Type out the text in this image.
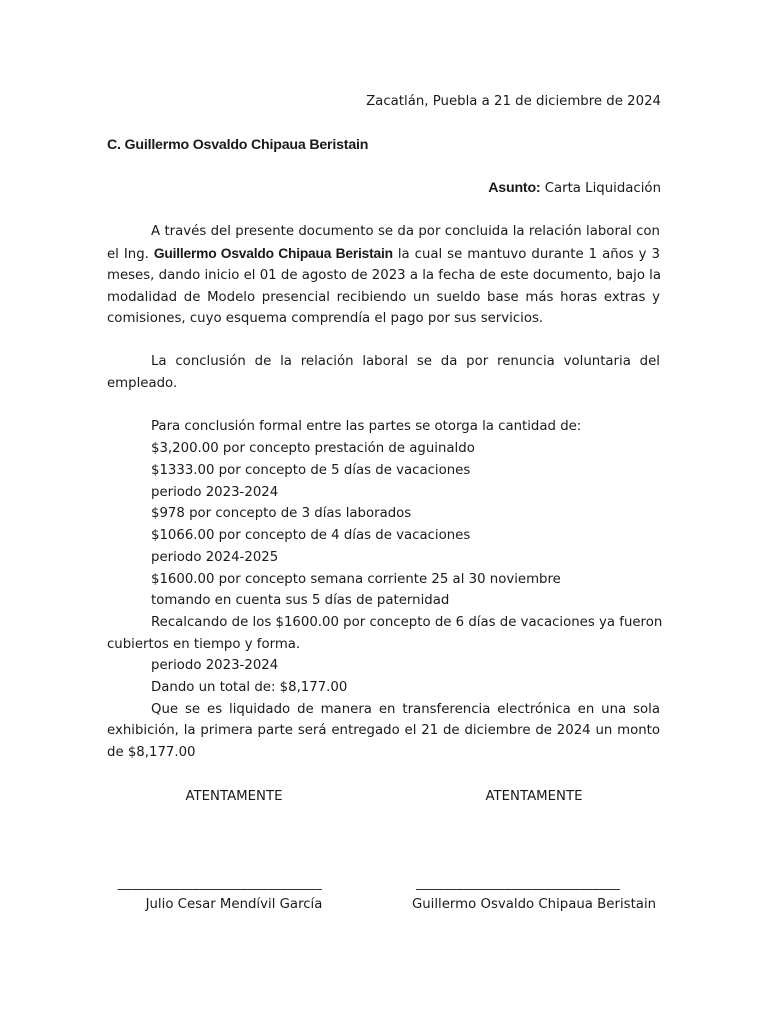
Zacatlán, Puebla a 21 de diciembre de 2024
C. Guillermo Osvaldo Chipaua Beristain
Asunto: Carta Liquidación
A través del presente documento se da por concluida la relación laboral con
el Ing. Guillermo Osvaldo Chipaua Beristain la cual se mantuvo durante 1 años y 3
meses, dando inicio el 01 de agosto de 2023 a la fecha de este documento, bajo la
modalidad de Modelo presencial recibiendo un sueldo base más horas extras y
comisiones, cuyo esquema comprendía el pago por sus servicios.
La conclusión de la relación laboral se da por renuncia voluntaria del
empleado.
Para conclusión formal entre las partes se otorga la cantidad de:
$3,200.00 por concepto prestación de aguinaldo
$1333.00 por concepto de 5 días de vacaciones
periodo 2023-2024
$978 por concepto de 3 días laborados
$1066.00 por concepto de 4 días de vacaciones
periodo 2024-2025
$1600.00 por concepto semana corriente 25 al 30 noviembre
tomando en cuenta sus 5 días de paternidad
Recalcando de los $1600.00 por concepto de 6 días de vacaciones ya fueron
cubiertos en tiempo y forma.
periodo 2023-2024
Dando un total de: $8,177.00
Que se es liquidado de manera en transferencia electrónica en una sola
exhibición, la primera parte será entregado el 21 de diciembre de 2024 un monto
de $8,177.00
ATENTAMENTE	ATENTAMENTE
______________________________	______________________________
Julio Cesar Mendívil García	Guillermo Osvaldo Chipaua Beristain
